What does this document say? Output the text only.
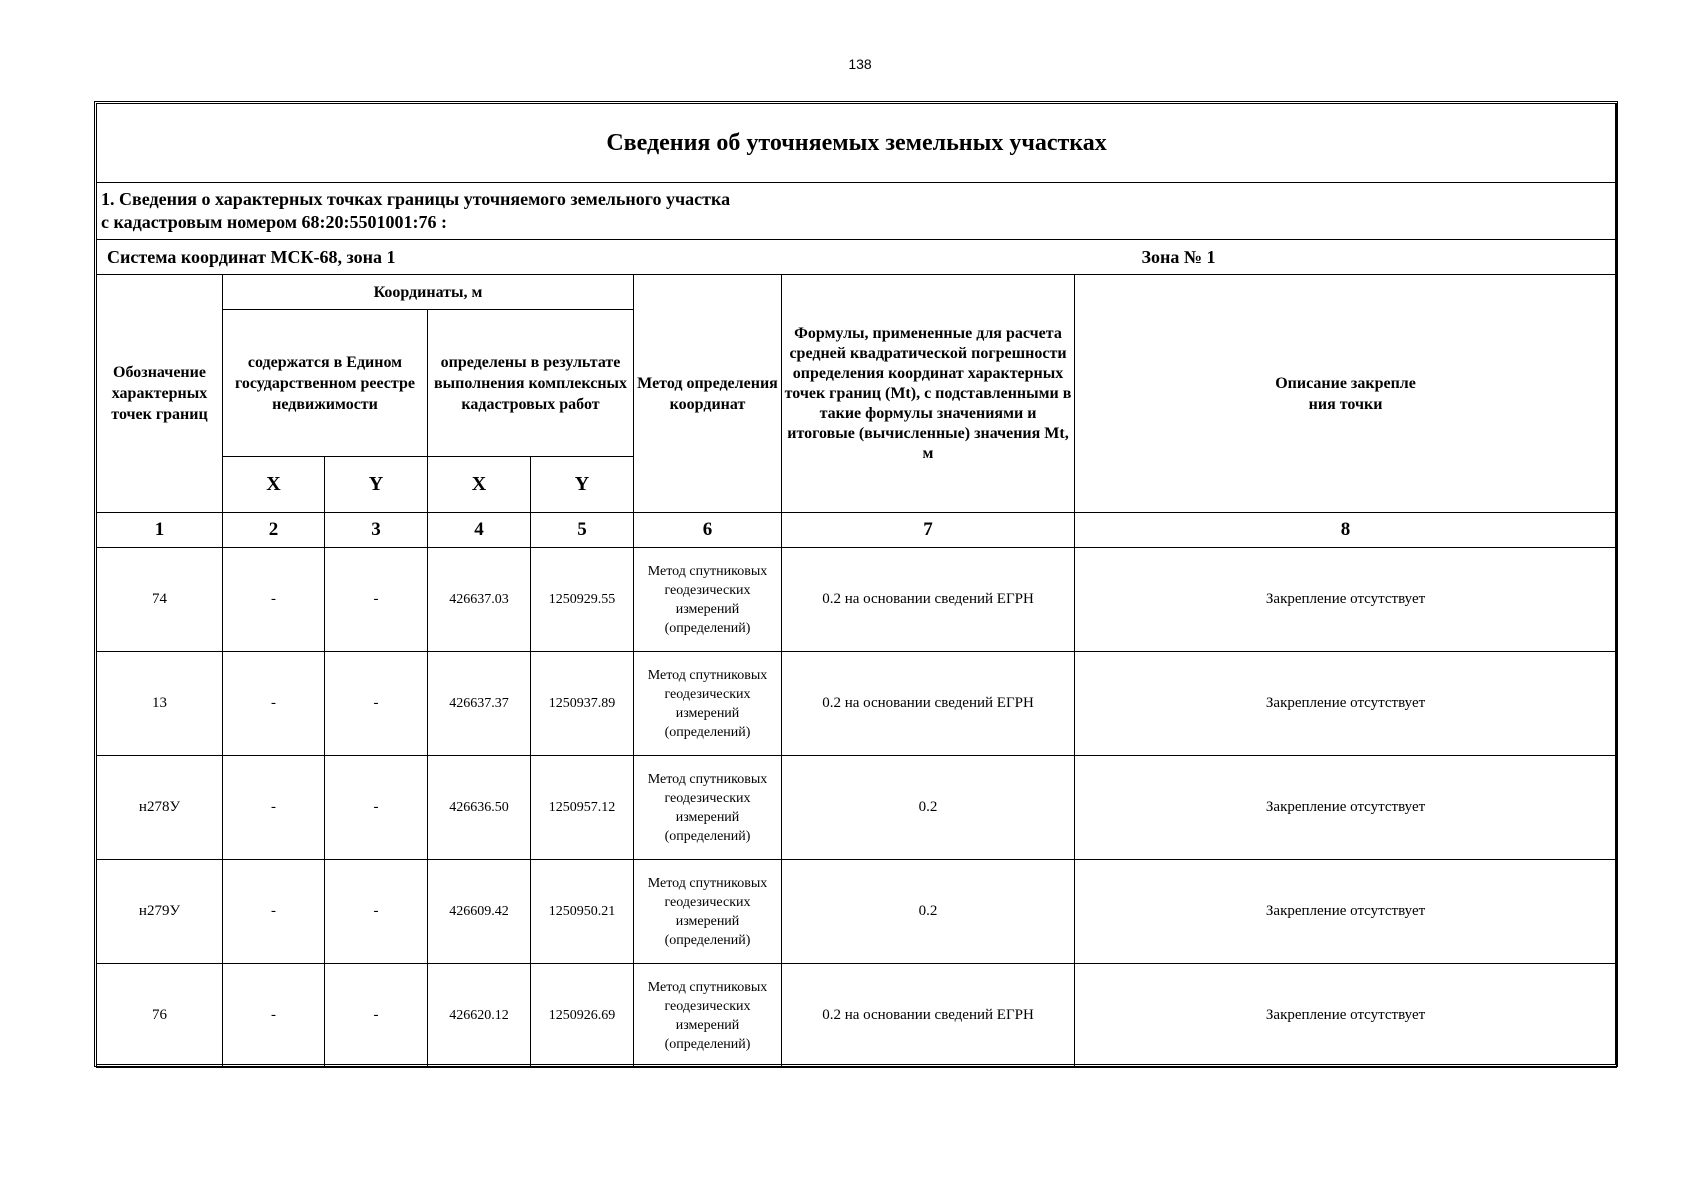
138
Сведения об уточняемых земельных участках							

1. Сведения о характерных точках границы уточняемого земельного участка
с кадастровым номером 68:20:5501001:76 :							

Система координат МСК-68, зона 1						Зона № 1	
Обозначение характерных точек границ	Координаты, м				Метод определения координат	Формулы, примененные для расчета средней квадратической погрешности определения координат характерных точек границ (Mt), с подставленными в такие формулы значениями и итоговые (вычисленные) значения Mt, м	Описание закрепле ния точки
	содержатся в Едином государственном реестре недвижимости		определены в результате выполнения комплексных кадастровых работ				
	X	Y	X	Y			
1	2	3	4	5	6	7	8
74	-	-	426637.03	1250929.55	Метод спутниковых геодезических измерений (определений)	0.2 на основании сведений ЕГРН	Закрепление отсутствует
13	-	-	426637.37	1250937.89	Метод спутниковых геодезических измерений (определений)	0.2 на основании сведений ЕГРН	Закрепление отсутствует
н278У	-	-	426636.50	1250957.12	Метод спутниковых геодезических измерений (определений)	0.2	Закрепление отсутствует
н279У	-	-	426609.42	1250950.21	Метод спутниковых геодезических измерений (определений)	0.2	Закрепление отсутствует
76	-	-	426620.12	1250926.69	Метод спутниковых геодезических измерений (определений)	0.2 на основании сведений ЕГРН	Закрепление отсутствует
